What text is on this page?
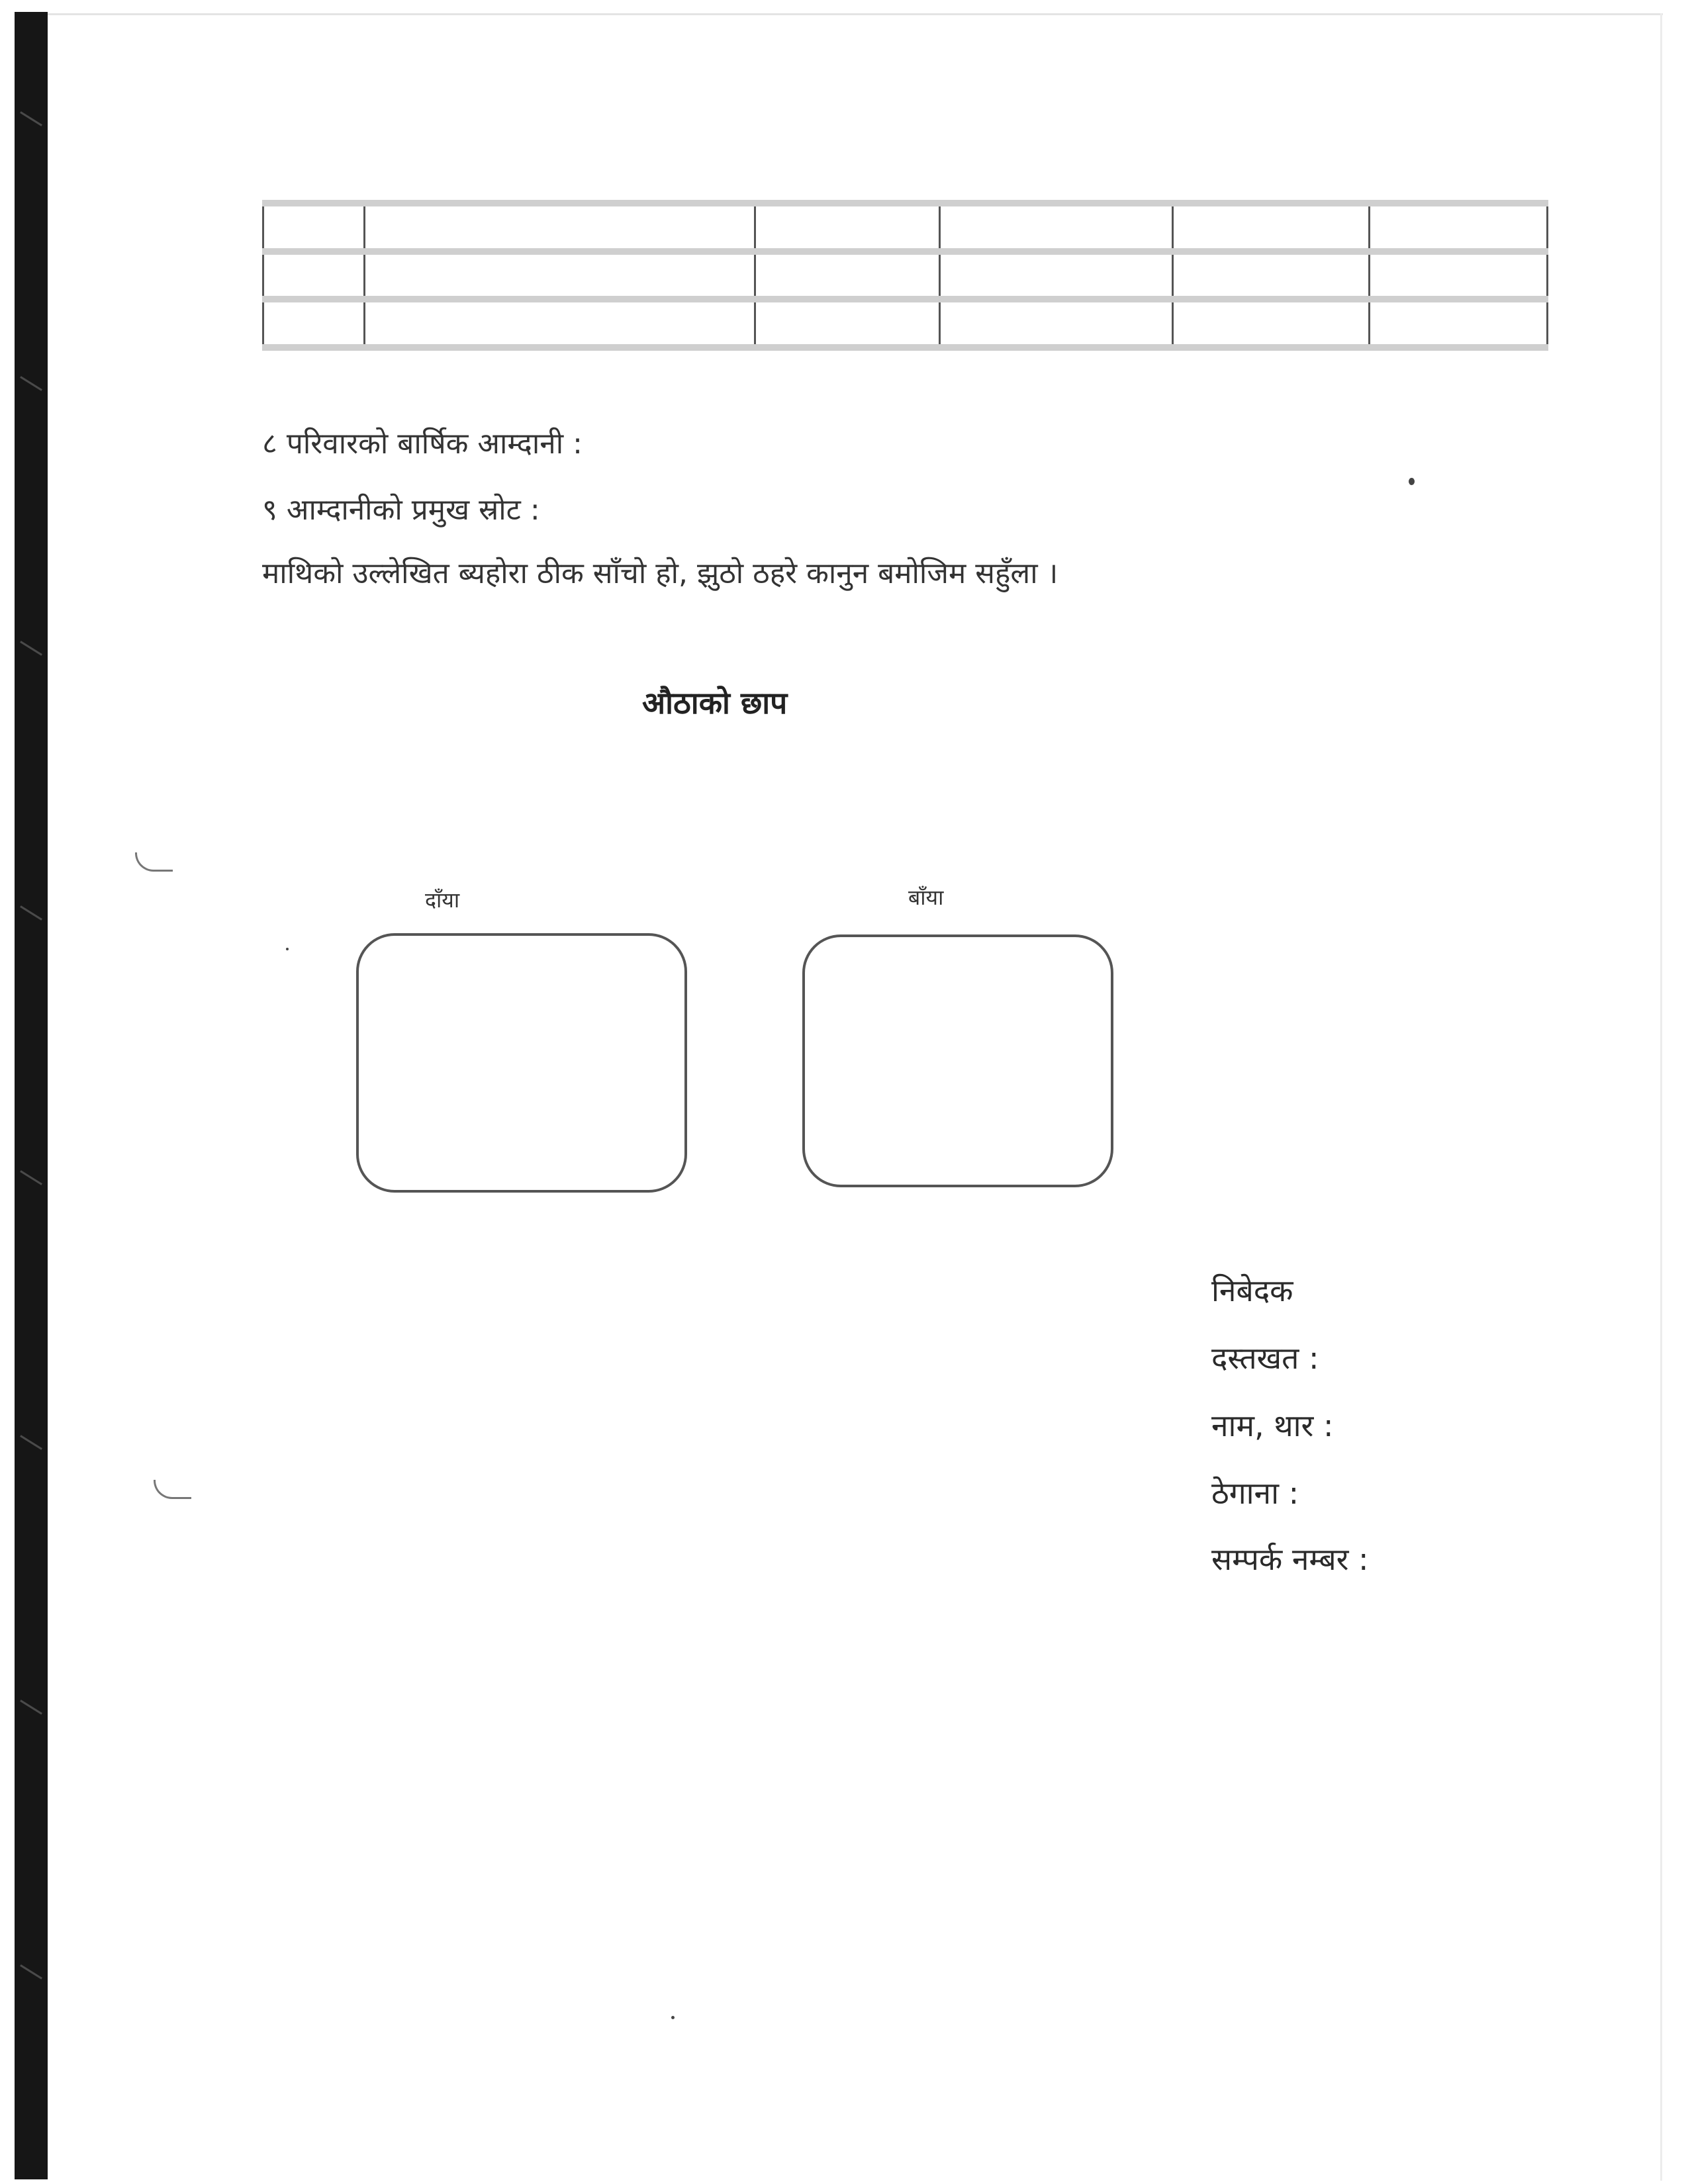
८ परिवारको बार्षिक आम्दानी :
९ आम्दानीको प्रमुख स्रोट :
माथिको उल्लेखित ब्यहोरा ठीक साँचो हो, झुठो ठहरे कानुन बमोजिम सहुँला ।
औठाको छाप
दाँया	बाँया
निबेदक
दस्तखत :
नाम, थार :
ठेगाना :
सम्पर्क नम्बर :
